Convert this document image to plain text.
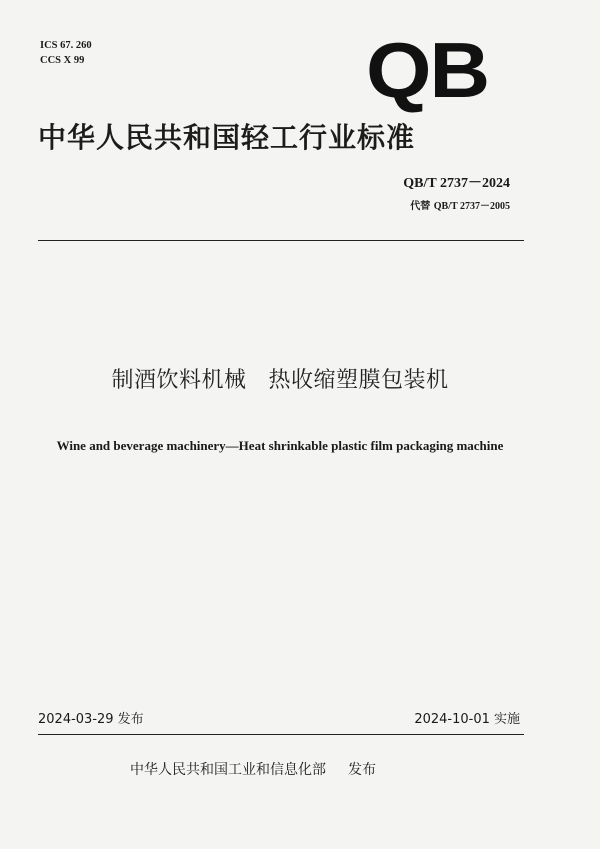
ICS 67. 260
CCS X 99	QB
中华人民共和国轻工行业标准
QB/T 2737－2024
代替 QB/T 2737－2005
制酒饮料机械 热收缩塑膜包装机
Wine and beverage machinery—Heat shrinkable plastic film packaging machine
2024-03-29 发布	2024-10-01 实施
中华人民共和国工业和信息化部 发布
